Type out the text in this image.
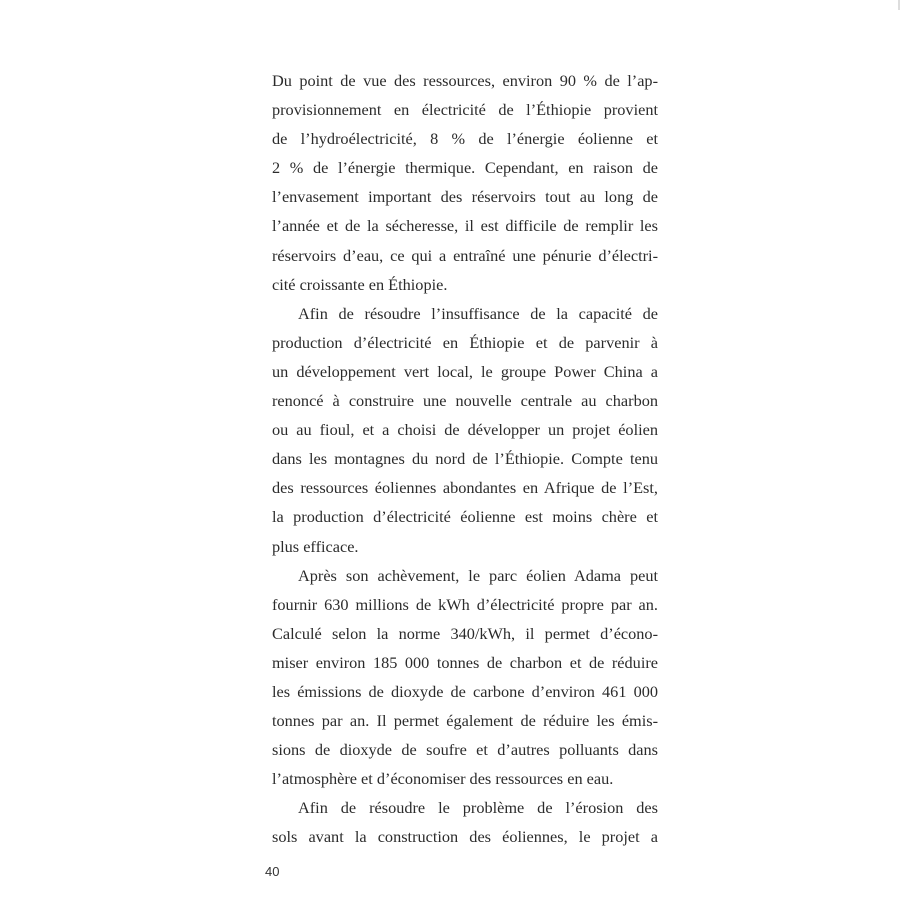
Du point de vue des ressources, environ 90 % de l’ap-
provisionnement en électricité de l’Éthiopie provient
de l’hydroélectricité, 8 % de l’énergie éolienne et
2 % de l’énergie thermique. Cependant, en raison de
l’envasement important des réservoirs tout au long de
l’année et de la sécheresse, il est difficile de remplir les
réservoirs d’eau, ce qui a entraîné une pénurie d’électri-
cité croissante en Éthiopie.
Afin de résoudre l’insuffisance de la capacité de
production d’électricité en Éthiopie et de parvenir à
un développement vert local, le groupe Power China a
renoncé à construire une nouvelle centrale au charbon
ou au fioul, et a choisi de développer un projet éolien
dans les montagnes du nord de l’Éthiopie. Compte tenu
des ressources éoliennes abondantes en Afrique de l’Est,
la production d’électricité éolienne est moins chère et
plus efficace.
Après son achèvement, le parc éolien Adama peut
fournir 630 millions de kWh d’électricité propre par an.
Calculé selon la norme 340/kWh, il permet d’écono-
miser environ 185 000 tonnes de charbon et de réduire
les émissions de dioxyde de carbone d’environ 461 000
tonnes par an. Il permet également de réduire les émis-
sions de dioxyde de soufre et d’autres polluants dans
l’atmosphère et d’économiser des ressources en eau.
Afin de résoudre le problème de l’érosion des
sols avant la construction des éoliennes, le projet a
40
